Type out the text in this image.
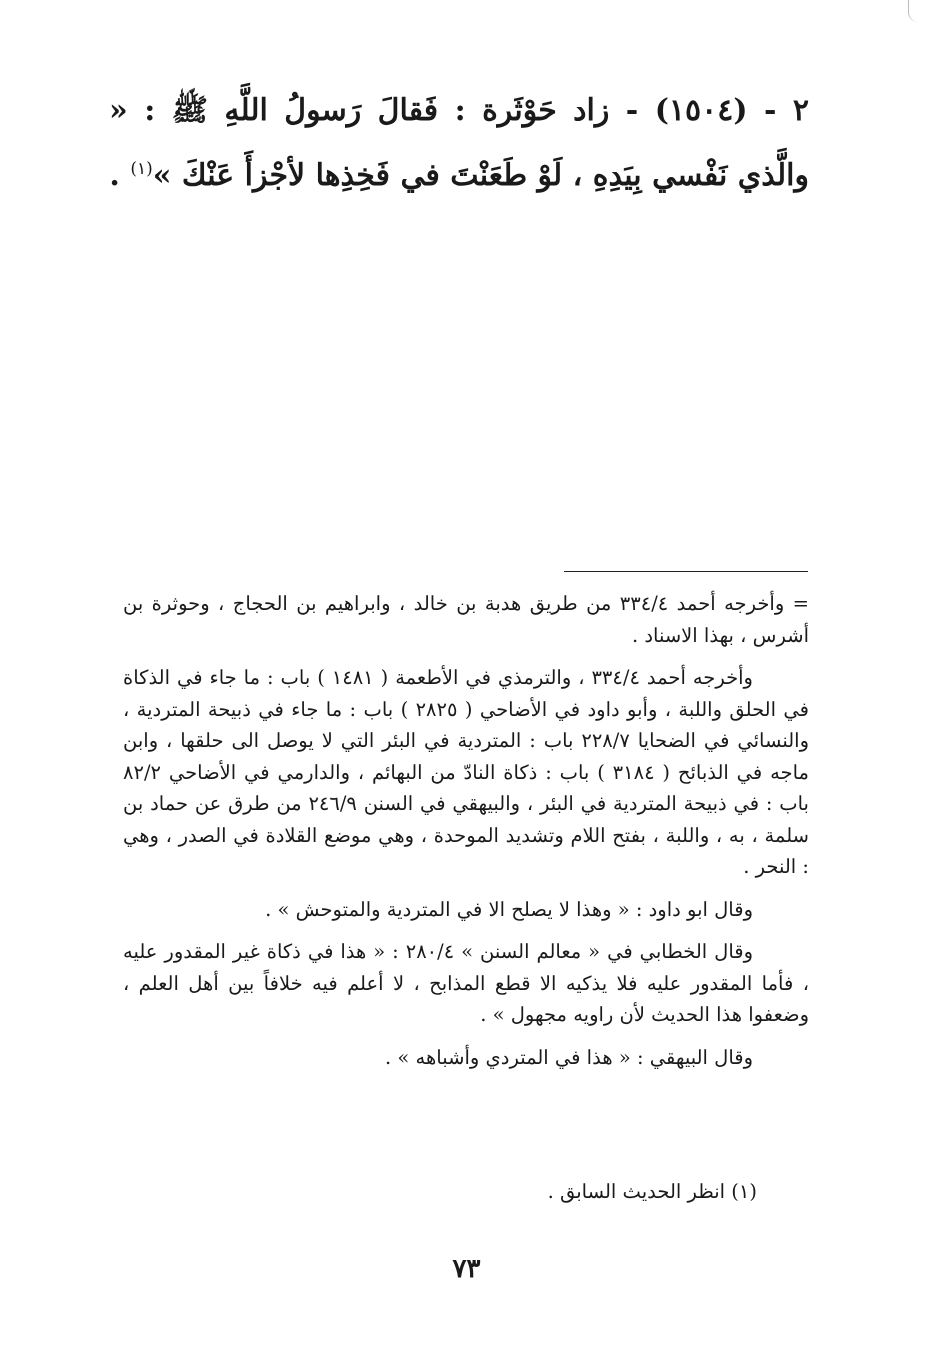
٢ - (١٥٠٤) - زاد حَوْثَرة : فَقالَ رَسولُ اللَّهِ ﷺ : « والَّذي نَفْسي بِيَدِهِ ، لَوْ طَعَنْتَ في فَخِذِها لأجْزأَ عَنْكَ »$^{(١)}$ .

= وأخرجه أحمد ٣٣٤/٤ من طريق هدبة بن خالد ، وابراهيم بن الحجاج ، وحوثرة بن أشرس ، بهذا الاسناد .

وأخرجه أحمد ٣٣٤/٤ ، والترمذي في الأطعمة ( ١٤٨١ ) باب : ما جاء في الذكاة في الحلق واللبة ، وأبو داود في الأضاحي ( ٢٨٢٥ ) باب : ما جاء في ذبيحة المتردية ، والنسائي في الضحايا ٢٢٨/٧ باب : المتردية في البئر التي لا يوصل الى حلقها ، وابن ماجه في الذبائح ( ٣١٨٤ ) باب : ذكاة النادّ من البهائم ، والدارمي في الأضاحي ٨٢/٢ باب : في ذبيحة المتردية في البئر ، والبيهقي في السنن ٢٤٦/٩ من طرق عن حماد بن سلمة ، به ، واللبة ، بفتح اللام وتشديد الموحدة ، وهي موضع القلادة في الصدر ، وهي : النحر .

وقال ابو داود : « وهذا لا يصلح الا في المتردية والمتوحش » .

وقال الخطابي في « معالم السنن » ٢٨٠/٤ : « هذا في ذكاة غير المقدور عليه ، فأما المقدور عليه فلا يذكيه الا قطع المذابح ، لا أعلم فيه خلافاً بين أهل العلم ، وضعفوا هذا الحديث لأن راويه مجهول » .

وقال البيهقي : « هذا في المتردي وأشباهه » .

(١) انظر الحديث السابق .
٧٣
